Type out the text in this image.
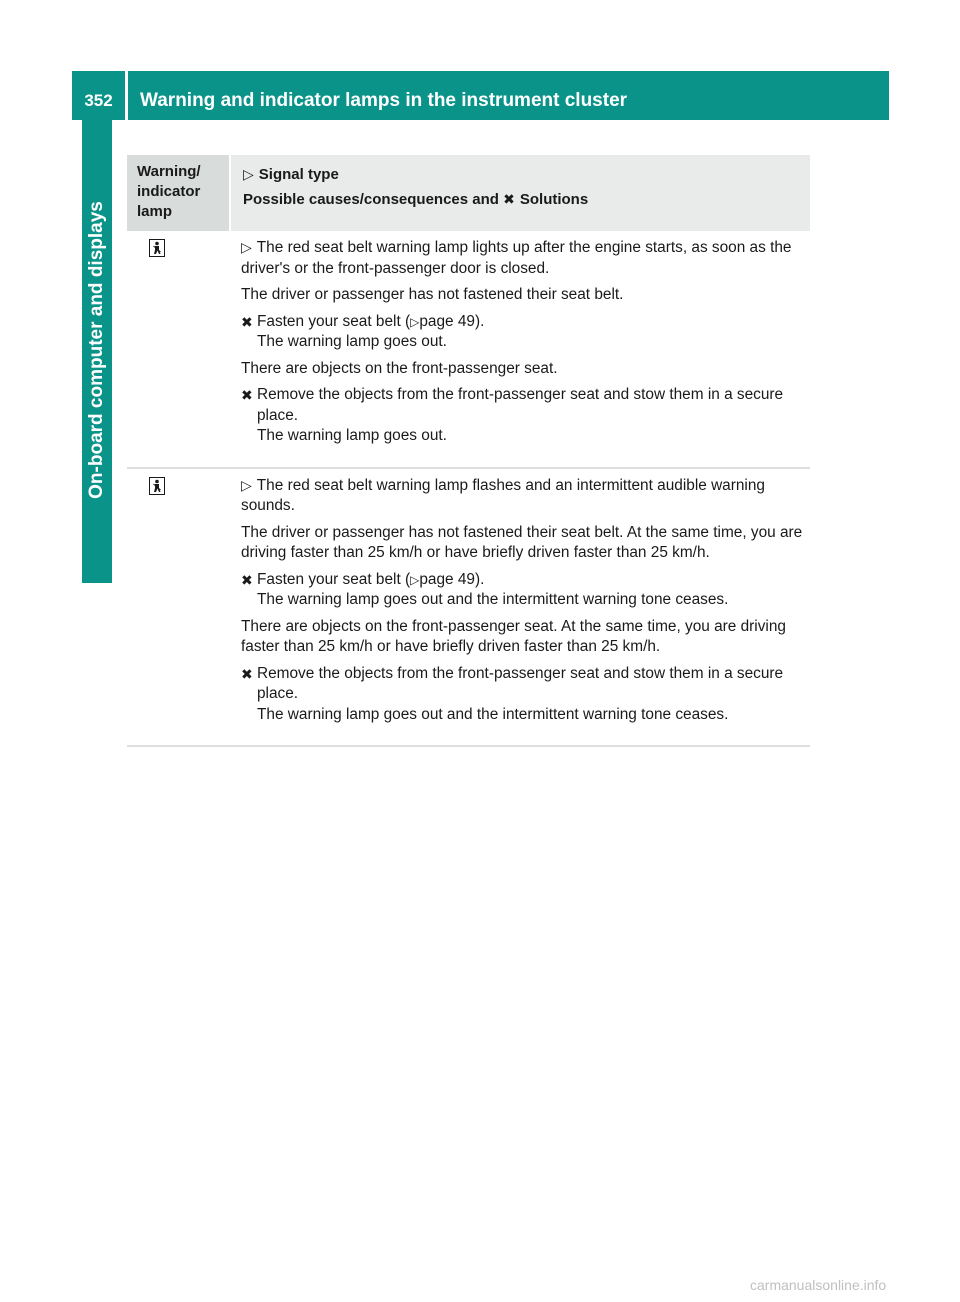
352	Warning and indicator lamps in the instrument cluster
On-board computer and displays
Warning/
indicator
lamp
▷ Signal type
Possible causes/consequences and ✖ Solutions

▷ The red seat belt warning lamp lights up after the engine starts, as soon as the driver's or the front-passenger door is closed.

The driver or passenger has not fastened their seat belt.

✖ Fasten your seat belt (▷page 49).
The warning lamp goes out.

There are objects on the front-passenger seat.

✖ Remove the objects from the front-passenger seat and stow them in a secure place.
The warning lamp goes out.

▷ The red seat belt warning lamp flashes and an intermittent audible warning sounds.

The driver or passenger has not fastened their seat belt. At the same time, you are driving faster than 25 km/h or have briefly driven faster than 25 km/h.

✖ Fasten your seat belt (▷page 49).
The warning lamp goes out and the intermittent warning tone ceases.

There are objects on the front-passenger seat. At the same time, you are driving faster than 25 km/h or have briefly driven faster than 25 km/h.

✖ Remove the objects from the front-passenger seat and stow them in a secure place.
The warning lamp goes out and the intermittent warning tone ceases.
carmanualsonline.info
